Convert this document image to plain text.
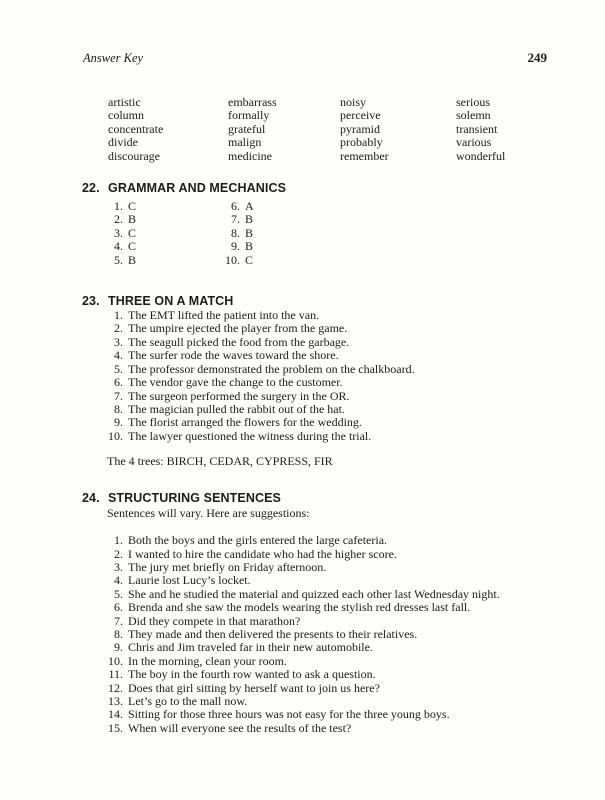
Answer Key	249
artistic
column
concentrate
divide
discourage
embarrass
formally
grateful
malign
medicine
noisy
perceive
pyramid
probably
remember
serious
solemn
transient
various
wonderful
22. GRAMMAR AND MECHANICS
1. C
2. B
3. C
4. C
5. B
6. A
7. B
8. B
9. B
10. C
23. THREE ON A MATCH
1. The EMT lifted the patient into the van.
2. The umpire ejected the player from the game.
3. The seagull picked the food from the garbage.
4. The surfer rode the waves toward the shore.
5. The professor demonstrated the problem on the chalkboard.
6. The vendor gave the change to the customer.
7. The surgeon performed the surgery in the OR.
8. The magician pulled the rabbit out of the hat.
9. The florist arranged the flowers for the wedding.
10. The lawyer questioned the witness during the trial.
The 4 trees: BIRCH, CEDAR, CYPRESS, FIR
24. STRUCTURING SENTENCES
Sentences will vary. Here are suggestions:
1. Both the boys and the girls entered the large cafeteria.
2. I wanted to hire the candidate who had the higher score.
3. The jury met briefly on Friday afternoon.
4. Laurie lost Lucy’s locket.
5. She and he studied the material and quizzed each other last Wednesday night.
6. Brenda and she saw the models wearing the stylish red dresses last fall.
7. Did they compete in that marathon?
8. They made and then delivered the presents to their relatives.
9. Chris and Jim traveled far in their new automobile.
10. In the morning, clean your room.
11. The boy in the fourth row wanted to ask a question.
12. Does that girl sitting by herself want to join us here?
13. Let’s go to the mall now.
14. Sitting for those three hours was not easy for the three young boys.
15. When will everyone see the results of the test?
